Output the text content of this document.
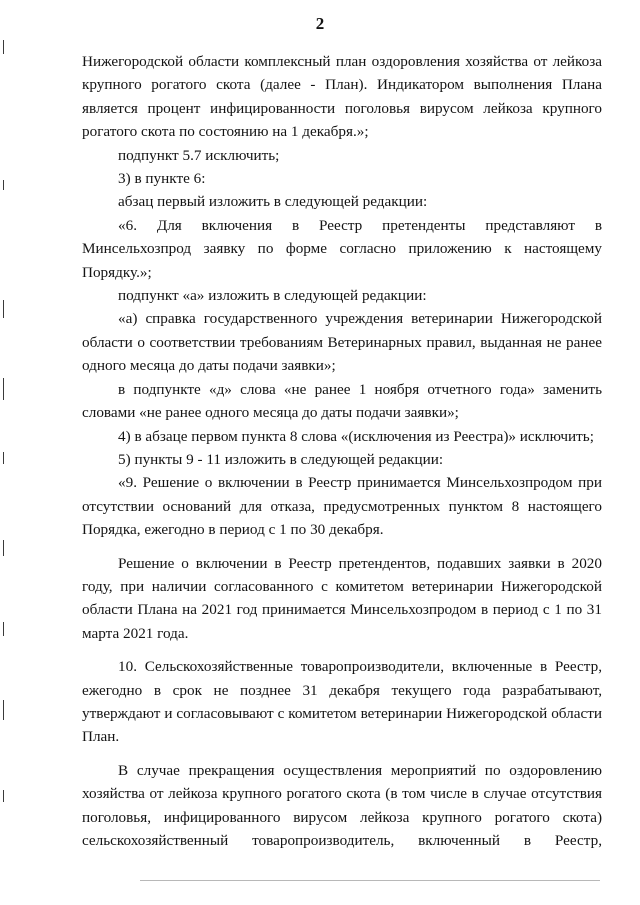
2

Нижегородской области комплексный план оздоровления хозяйства от лейкоза крупного рогатого скота (далее - План). Индикатором выполнения Плана является процент инфицированности поголовья вирусом лейкоза крупного рогатого скота по состоянию на 1 декабря.»;

подпункт 5.7 исключить;

3) в пункте 6:

абзац первый изложить в следующей редакции:

«6. Для включения в Реестр претенденты представляют в Минсельхозпрод заявку по форме согласно приложению к настоящему Порядку.»;

подпункт «а» изложить в следующей редакции:

«а) справка государственного учреждения ветеринарии Нижегородской области о соответствии требованиям Ветеринарных правил, выданная не ранее одного месяца до даты подачи заявки»;

в подпункте «д» слова «не ранее 1 ноября отчетного года» заменить словами «не ранее одного месяца до даты подачи заявки»;

4) в абзаце первом пункта 8 слова «(исключения из Реестра)» исключить;

5) пункты 9 - 11 изложить в следующей редакции:

«9. Решение о включении в Реестр принимается Минсельхозпродом при отсутствии оснований для отказа, предусмотренных пунктом 8 настоящего Порядка, ежегодно в период с 1 по 30 декабря.

Решение о включении в Реестр претендентов, подавших заявки в 2020 году, при наличии согласованного с комитетом ветеринарии Нижегородской области Плана на 2021 год принимается Минсельхозпродом в период с 1 по 31 марта 2021 года.

10. Сельскохозяйственные товаропроизводители, включенные в Реестр, ежегодно в срок не позднее 31 декабря текущего года разрабатывают, утверждают и согласовывают с комитетом ветеринарии Нижегородской области План.

В случае прекращения осуществления мероприятий по оздоровлению хозяйства от лейкоза крупного рогатого скота (в том числе в случае отсутствия поголовья, инфицированного вирусом лейкоза крупного рогатого скота) сельскохозяйственный товаропроизводитель, включенный в Реестр,
